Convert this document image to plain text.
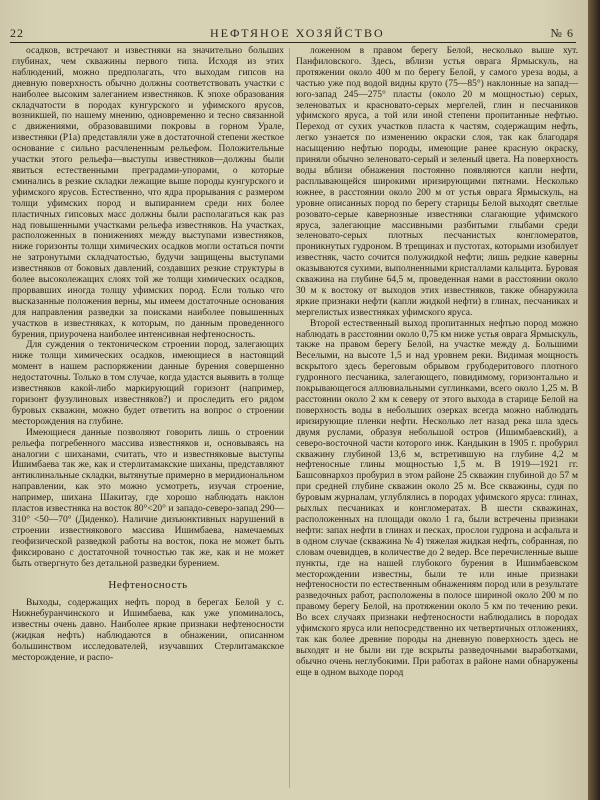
22	НЕФТЯНОЕ ХОЗЯЙСТВО	№ 6

осадков, встречают и известняки на значительно больших глубинах, чем скважины первого типа. Исходя из этих наблюдений, можно предполагать, что выходам гипсов на дневную поверхность обычно должны соответствовать участки с наиболее высоким залеганием известняков. К эпохе образования складчатости в породах кунгурского и уфимского ярусов, возникшей, по нашему мнению, одновременно и тесно связанной с движениями, образовавшими покровы в горном Урале, известняки (P1a) представляли уже в достаточной степени жесткое основание с сильно расчлененным рельефом. Положительные участки этого рельефа—выступы известняков—должны были явиться естественными преградами-упорами, о которые сминались в резкие складки лежащие выше породы кунгурского и уфимского ярусов. Естественно, что ядра прорывания с размером толщи уфимских пород и выпиранием среди них более пластичных гипсовых масс должны были располагаться как раз над повышенными участками рельефа известняков. На участках, расположенных в понижениях между выступами известняков, ниже горизонты толщи химических осадков могли остаться почти не затронутыми складчатостью, будучи защищены выступами известняков от боковых давлений, создавших резкие структуры в более высоколежащих слоях той же толщи химических осадков, прорвавших иногда толщу уфимских пород. Если только что высказанные положения верны, мы имеем достаточные основания для направления разведки за поисками наиболее повышенных участков в известняках, к которым, по данным проведенного бурения, приурочена наиболее интенсивная нефтеносность.

Для суждения о тектоническом строении пород, залегающих ниже толщи химических осадков, имеющиеся в настоящий момент в нашем распоряжении данные бурения совершенно недостаточны. Только в том случае, когда удастся выявить в толще известняков какой-либо маркирующий горизонт (например, горизонт фузулиновых известняков?) и проследить его рядом буровых скважин, можно будет ответить на вопрос о строении месторождения на глубине.

Имеющиеся данные позволяют говорить лишь о строении рельефа погребенного массива известняков и, основываясь на аналогии с шиханами, считать, что и известняковые выступы Ишимбаева так же, как и стерлитамакские шиханы, представляют антиклинальные складки, вытянутые примерно в меридиональном направлении, как это можно усмотреть, изучая строение, например, шихана Шакитау, где хорошо наблюдать наклон пластов известняка на восток 80°<20° и западо-северо-запад 290—310° <50—70° (Диденко). Наличие дизъюнктивных нарушений в строении известнякового массива Ишимбаева, намечаемых геофизической разведкой работы на восток, пока не может быть фиксировано с достаточной точностью так же, как и не может быть отвергнуто без детальной разведки бурением.

Нефтеносность

Выходы, содержащих нефть пород в берегах Белой у с. Нижнебуранчинского и Ишимбаева, как уже упоминалось, известны очень давно. Наиболее яркие признаки нефтеносности (жидкая нефть) наблюдаются в обнажении, описанном большинством исследователей, изучавших Стерлитамакское месторождение, и распо-

ложенном в правом берегу Белой, несколько выше хут. Панфиловского. Здесь, вблизи устья оврага Ярмыскуль, на протяжении около 400 м по берегу Белой, у самого уреза воды, а частью уже под водой видны круто (75—85°) наклонные на запад—юго-запад 245—275° пласты (около 20 м мощностью) серых, зеленоватых и красновато-серых мергелей, глин и песчаников уфимского яруса, а той или иной степени пропитанные нефтью. Переход от сухих участков пласта к частям, содержащим нефть, легко узнается по изменению окраски слоя, так как благодаря насыщению нефтью породы, имеющие ранее красную окраску, приняли обычно зеленовато-серый и зеленый цвета. На поверхность воды вблизи обнажения постоянно появляются капли нефти, расплывающейся широкими иризирующими пятнами. Несколько южнее, в расстоянии около 200 м от устья оврага Ярмыскуль, на уровне описанных пород по берегу старицы Белой выходят светлые розовато-серые кавернозные известняки слагающие уфимского яруса, залегающие массивными разбитыми глыбами среди зеленовато-серых плотных песчанистых конгломератов, проникнутых гудроном. В трещинах и пустотах, которыми изобилует известняк, часто сочится полужидкой нефти; лишь редкие каверны оказываются сухими, выполненными кристаллами кальцита. Буровая скважина на глубине 64,5 м, проведенная нами в расстоянии около 30 м к востоку от выходов этих известняков, также обнаружила яркие признаки нефти (капли жидкой нефти) в глинах, песчаниках и мергелистых известняках уфимского яруса.

Второй естественный выход пропитанных нефтью пород можно наблюдать в расстоянии около 0,75 км ниже устья оврага Ярмыскуль, также на правом берегу Белой, на участке между д. Большими Веселыми, на высоте 1,5 и над уровнем реки. Видимая мощность вскрытого здесь береговым обрывом грубодеритового плотного гудронного песчаника, залегающего, повидимому, горизонтально и покрывающегося аллювиальными суглинками, всего около 1,25 м. В расстоянии около 2 км к северу от этого выхода в старице Белой на поверхность воды в небольших озерках всегда можно наблюдать иризирующие пленки нефти. Несколько лет назад река шла здесь двумя руслами, образуя небольшой остров (Ишимбаевский), а северо-восточной части которого инж. Кандыкин в 1905 г. пробурил скважину глубиной 13,6 м, встретившую на глубине 4,2 м нефтеносные глины мощностью 1,5 м. В 1919—1921 гг. Башсовнархоз пробурил в этом районе 25 скважин глубиной до 57 м при средней глубине скважин около 25 м. Все скважины, судя по буровым журналам, углублялись в породах уфимского яруса: глинах, рыхлых песчаниках и конгломератах. В шести скважинах, расположенных на площади около 1 га, были встречены признаки нефти: запах нефти в глинах и песках, прослои гудрона и асфальта и в одном случае (скважина № 4) тяжелая жидкая нефть, собранная, по словам очевидцев, в количестве до 2 ведер. Все перечисленные выше пункты, где на нашей глубокого бурения в Ишимбаевском месторождении известны, были те или иные признаки нефтеносности по естественным обнажениям пород или в результате разведочных работ, расположены в полосе шириной около 200 м по правому берегу Белой, на протяжении около 5 км по течению реки. Во всех случаях признаки нефтеносности наблюдались в породах уфимского яруса или непосредственно их четвертичных отложениях, так как более древние породы на дневную поверхность здесь не выходят и не были ни где вскрыты разведочными выработками, обычно очень неглубокими. При работах в районе нами обнаружены еще в одном выходе пород
